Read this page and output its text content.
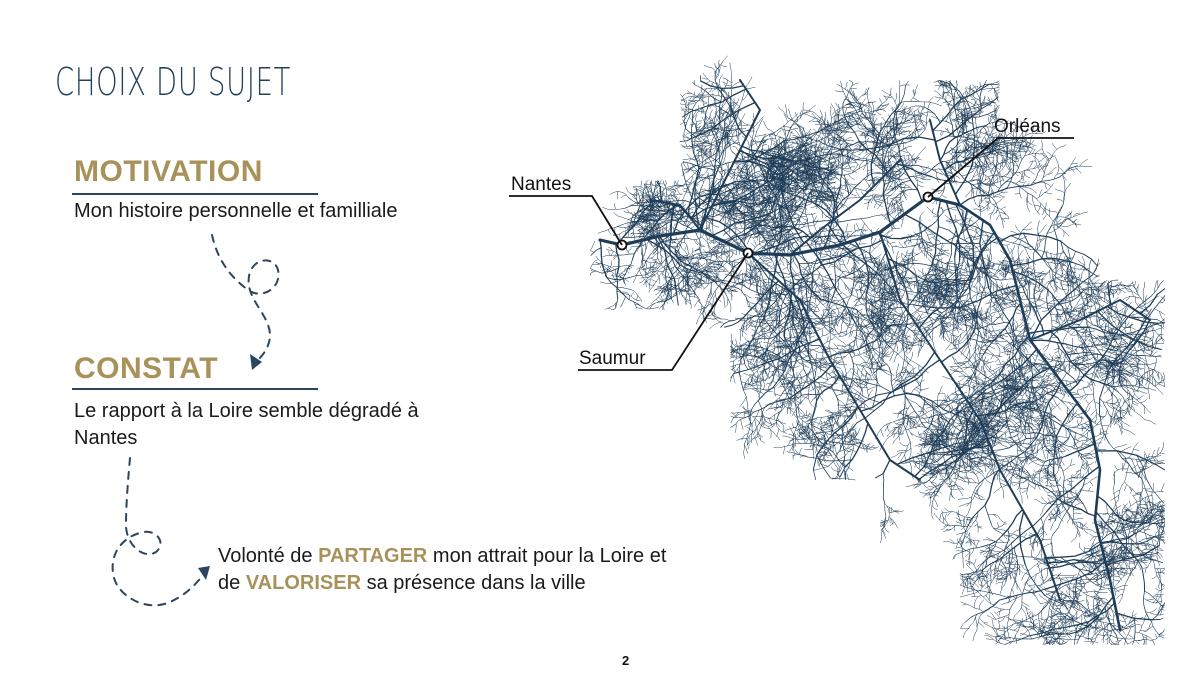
CHOIX DU SUJET
MOTIVATION
Mon histoire personnelle et familliale
CONSTAT
Le rapport à la Loire semble dégradé à
Nantes
Volonté de PARTAGER mon attrait pour la Loire et
de VALORISER sa présence dans la ville
2
Nantes
Saumur
Orléans
